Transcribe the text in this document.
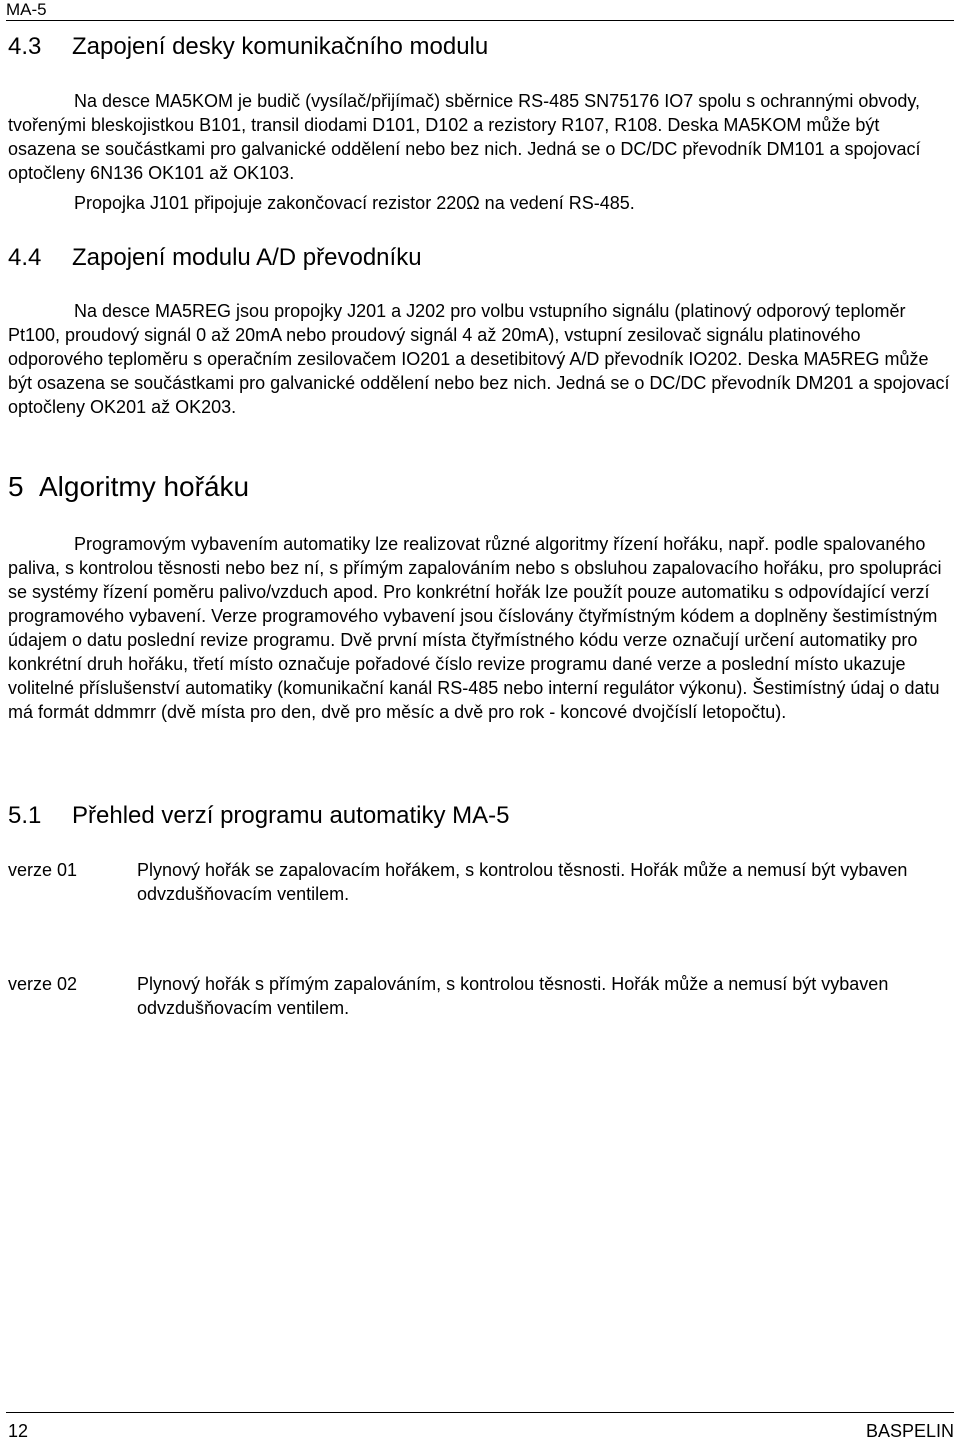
MA-5
4.3 Zapojení desky komunikačního modulu

Na desce MA5KOM je budič (vysílač/přijímač) sběrnice RS-485 SN75176 IO7 spolu s ochrannými obvody, tvořenými bleskojistkou B101, transil diodami D101, D102 a rezistory R107, R108. Deska MA5KOM může být osazena se součástkami pro galvanické oddělení nebo bez nich. Jedná se o DC/DC převodník DM101 a spojovací optočleny 6N136 OK101 až OK103.

Propojka J101 připojuje zakončovací rezistor 220Ω na vedení RS-485.
4.4 Zapojení modulu A/D převodníku

Na desce MA5REG jsou propojky J201 a J202 pro volbu vstupního signálu (platinový odporový teploměr Pt100, proudový signál 0 až 20mA nebo proudový signál 4 až 20mA), vstupní zesilovač signálu platinového odporového teploměru s operačním zesilovačem IO201 a desetibitový A/D převodník IO202. Deska MA5REG může být osazena se součástkami pro galvanické oddělení nebo bez nich. Jedná se o DC/DC převodník DM201 a spojovací optočleny OK201 až OK203.

5 Algoritmy hořáku

Programovým vybavením automatiky lze realizovat různé algoritmy řízení hořáku, např. podle spalovaného paliva, s kontrolou těsnosti nebo bez ní, s přímým zapalováním nebo s obsluhou zapalovacího hořáku, pro spolupráci se systémy řízení poměru palivo/vzduch apod. Pro konkrétní hořák lze použít pouze automatiku s odpovídající verzí programového vybavení. Verze programového vybavení jsou číslovány čtyřmístným kódem a doplněny šestimístným údajem o datu poslední revize programu. Dvě první místa čtyřmístného kódu verze označují určení automatiky pro konkrétní druh hořáku, třetí místo označuje pořadové číslo revize programu dané verze a poslední místo ukazuje volitelné příslušenství automatiky (komunikační kanál RS-485 nebo interní regulátor výkonu). Šestimístný údaj o datu má formát ddmmrr (dvě místa pro den, dvě pro měsíc a dvě pro rok - koncové dvojčíslí letopočtu).

5.1 Přehled verzí programu automatiky MA-5
verze 01	Plynový hořák se zapalovacím hořákem, s kontrolou těsnosti. Hořák může a nemusí být vybaven odvzdušňovacím ventilem.

verze 02	Plynový hořák s přímým zapalováním, s kontrolou těsnosti. Hořák může a nemusí být vybaven odvzdušňovacím ventilem.

12	BASPELIN
